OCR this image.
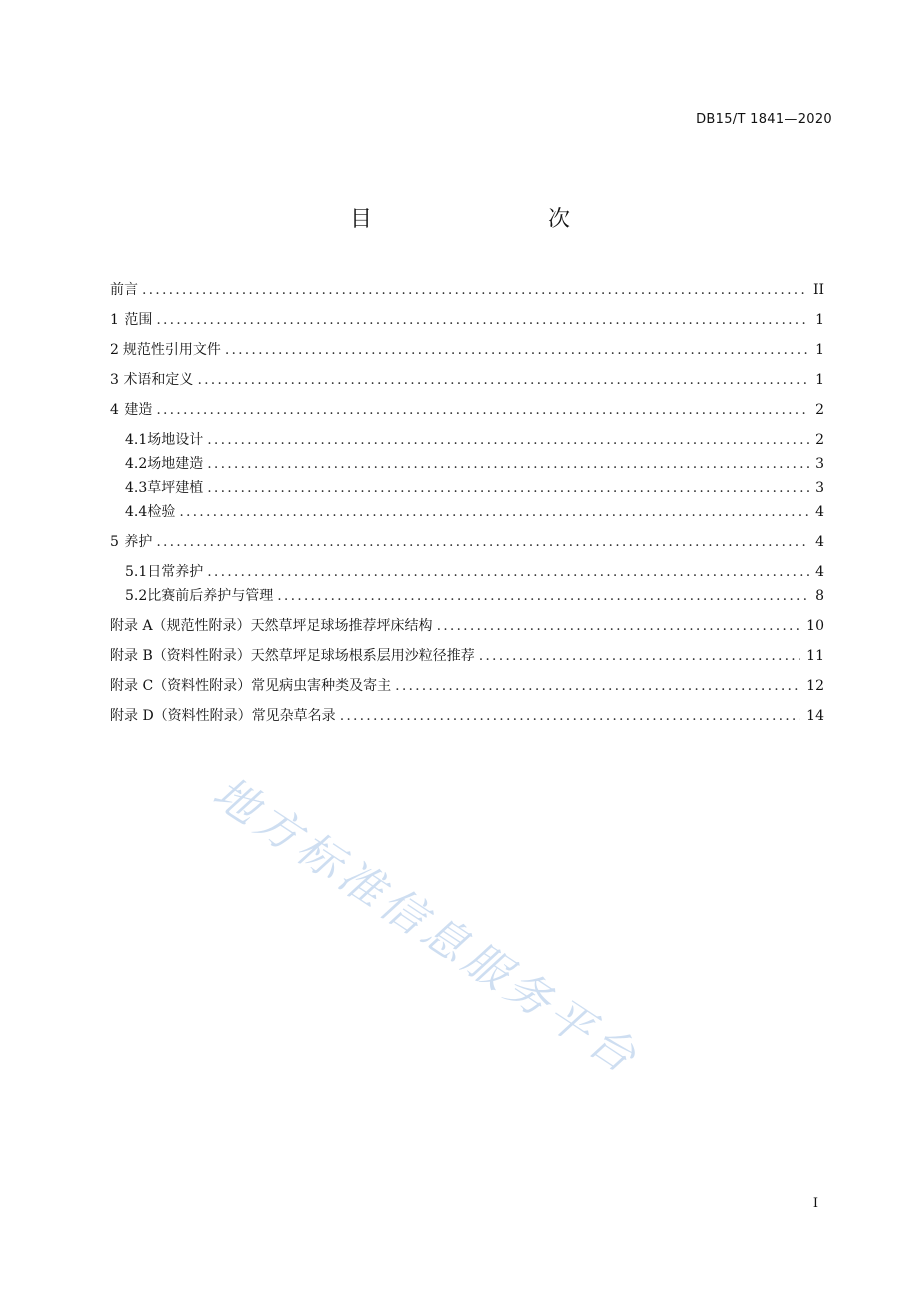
DB15/T 1841—2020
目　　次
前言 .....	II
1 范围 .....	1
2 规范性引用文件 .....	1
3 术语和定义 .....	1
4 建造 .....	2
4.1 场地设计 .....	2
4.2 场地建造 .....	3
4.3 草坪建植 .....	3
4.4 检验 .....	4
5 养护 .....	4
5.1 日常养护 .....	4
5.2 比赛前后养护与管理 .....	8
附录 A（规范性附录） 天然草坪足球场推荐坪床结构 .....	10
附录 B（资料性附录） 天然草坪足球场根系层用沙粒径推荐 .....	11
附录 C（资料性附录） 常见病虫害种类及寄主 .....	12
附录 D（资料性附录） 常见杂草名录 .....	14
地方标准信息服务平台
I
